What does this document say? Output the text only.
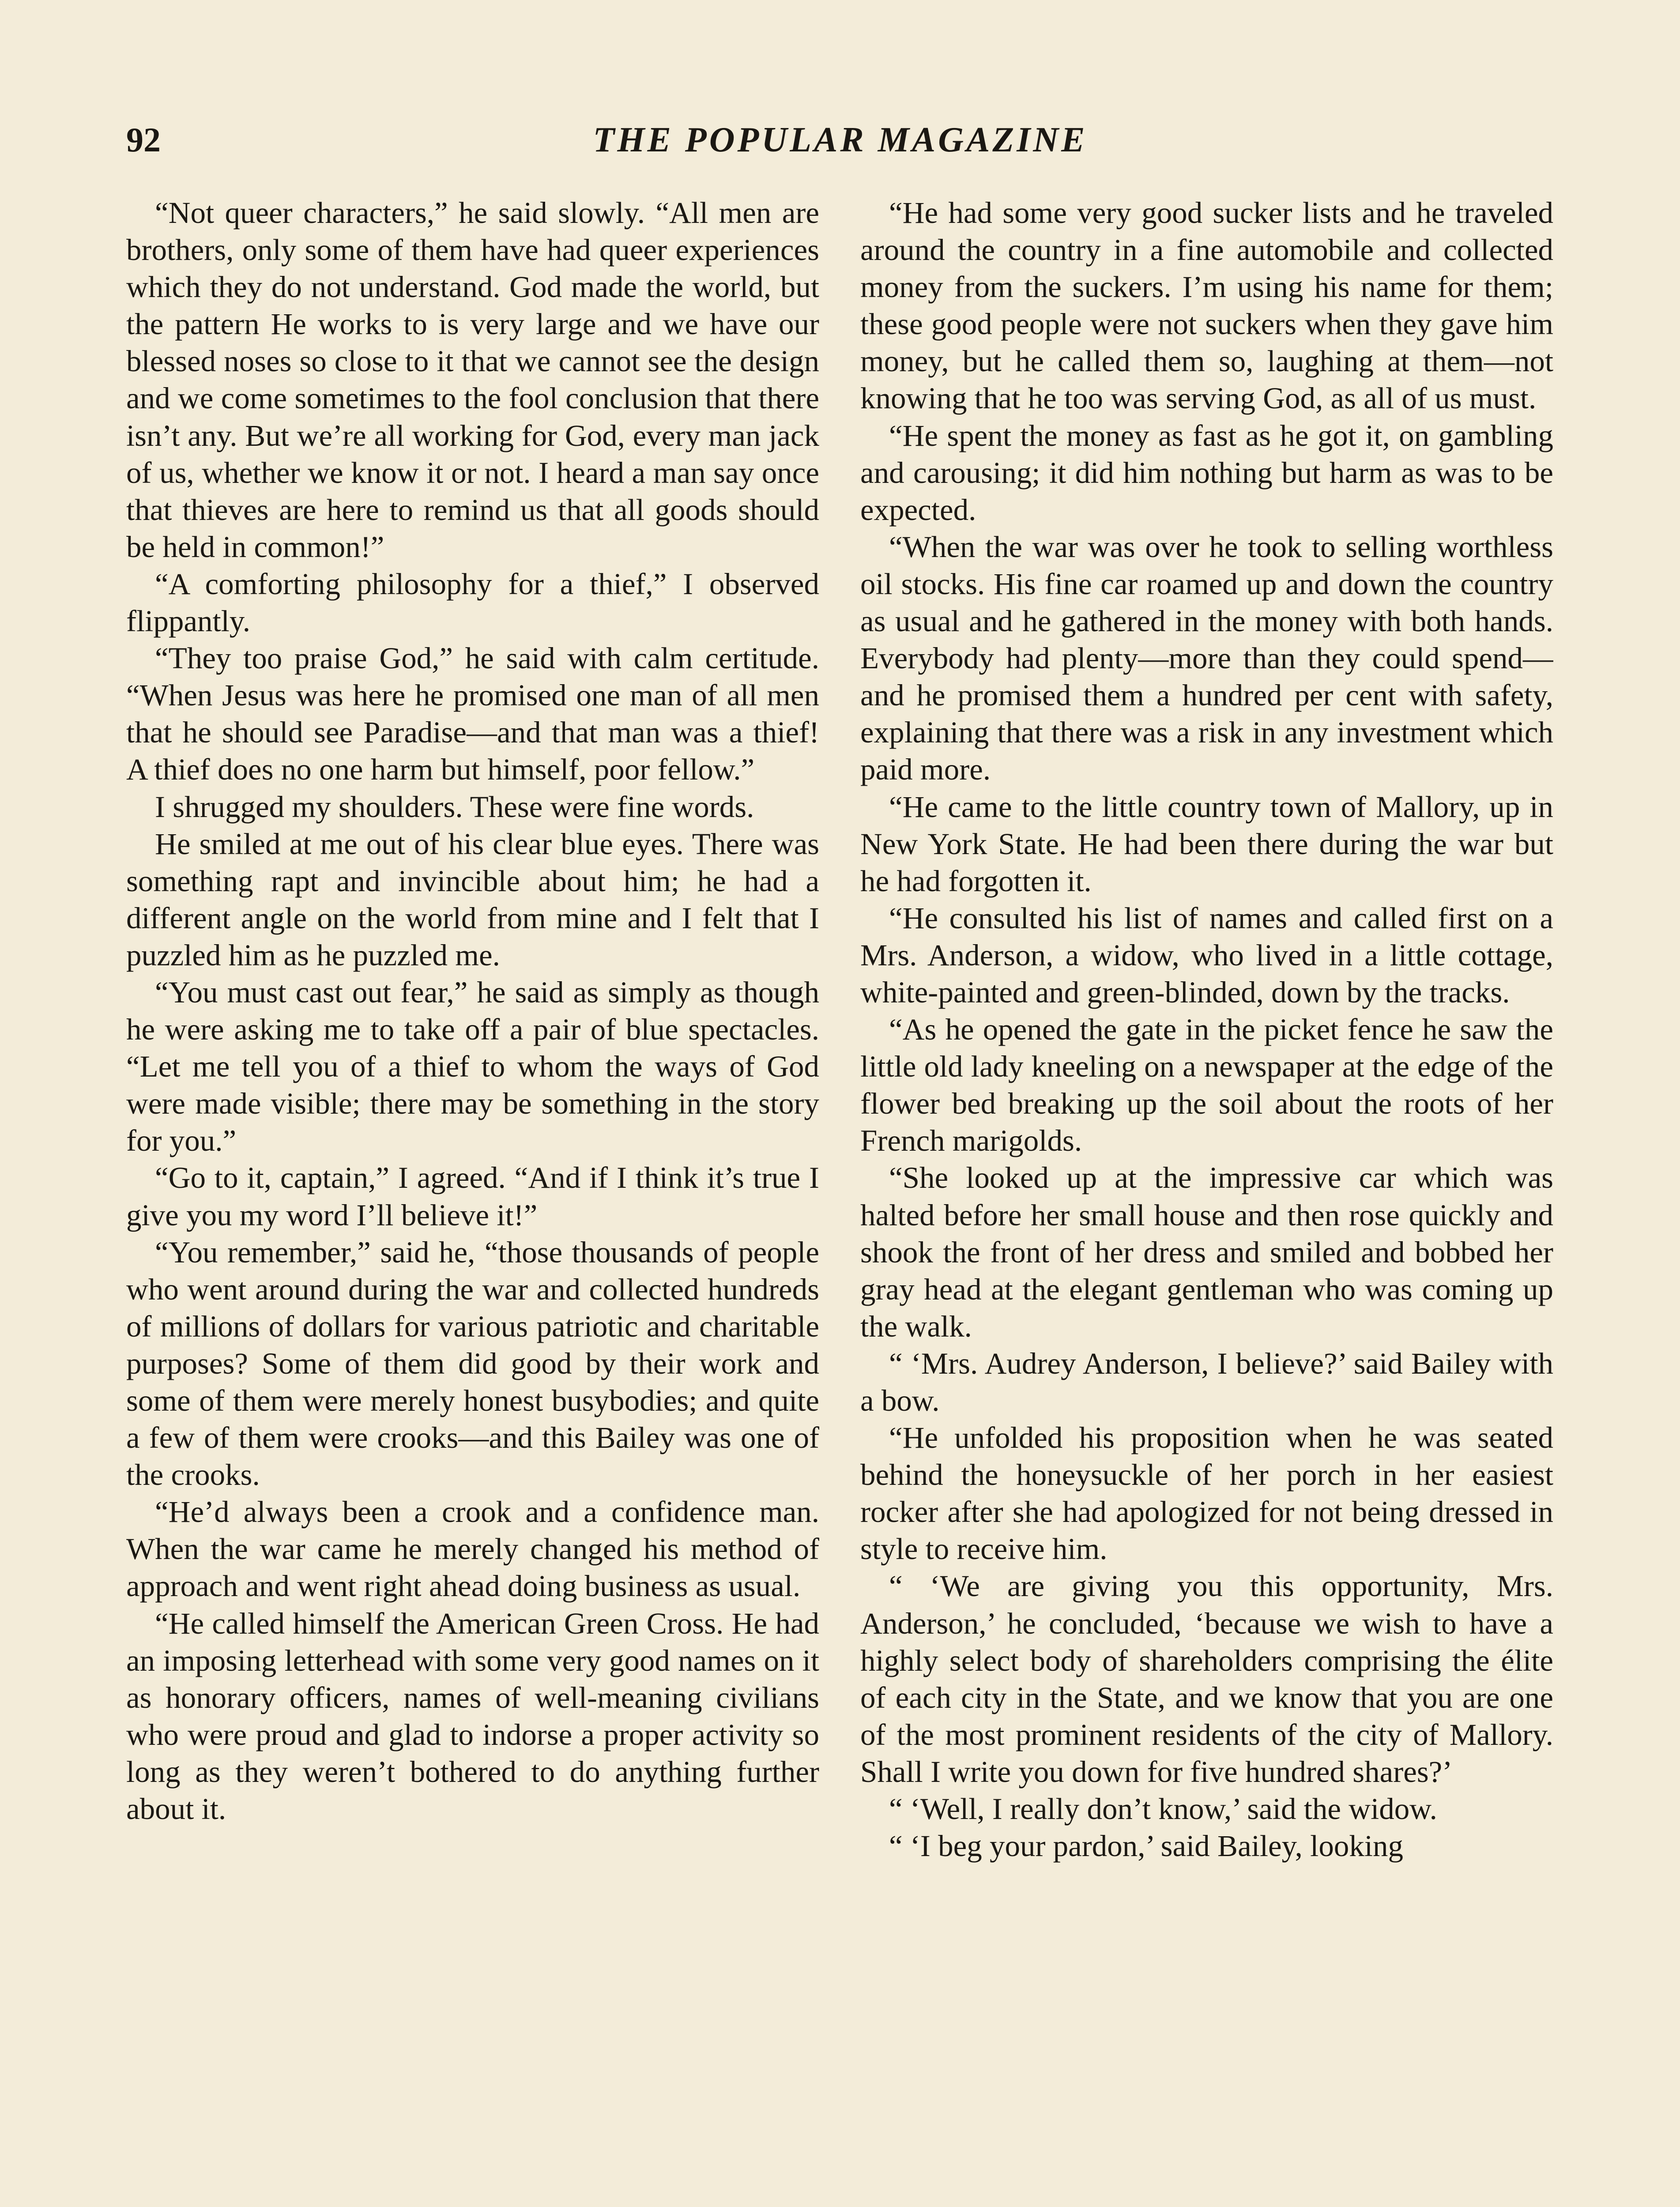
92	THE POPULAR MAGAZINE

“Not queer characters,” he said slowly. “All men are brothers, only some of them have had queer experiences which they do not understand. God made the world, but the pattern He works to is very large and we have our blessed noses so close to it that we cannot see the design and we come sometimes to the fool conclusion that there isn’t any. But we’re all working for God, every man jack of us, whether we know it or not. I heard a man say once that thieves are here to remind us that all goods should be held in common!”

“A comforting philosophy for a thief,” I observed flippantly.

“They too praise God,” he said with calm certitude. “When Jesus was here he promised one man of all men that he should see Paradise—and that man was a thief! A thief does no one harm but himself, poor fellow.”

I shrugged my shoulders. These were fine words.

He smiled at me out of his clear blue eyes. There was something rapt and invincible about him; he had a different angle on the world from mine and I felt that I puzzled him as he puzzled me.

“You must cast out fear,” he said as simply as though he were asking me to take off a pair of blue spectacles. “Let me tell you of a thief to whom the ways of God were made visible; there may be something in the story for you.”

“Go to it, captain,” I agreed. “And if I think it’s true I give you my word I’ll believe it!”

“You remember,” said he, “those thousands of people who went around during the war and collected hundreds of millions of dollars for various patriotic and charitable purposes? Some of them did good by their work and some of them were merely honest busybodies; and quite a few of them were crooks—and this Bailey was one of the crooks.

“He’d always been a crook and a confidence man. When the war came he merely changed his method of approach and went right ahead doing business as usual.

“He called himself the American Green Cross. He had an imposing letterhead with some very good names on it as honorary officers, names of well-meaning civilians who were proud and glad to indorse a proper activity so long as they weren’t bothered to do anything further about it.

“He had some very good sucker lists and he traveled around the country in a fine automobile and collected money from the suckers. I’m using his name for them; these good people were not suckers when they gave him money, but he called them so, laughing at them—not knowing that he too was serving God, as all of us must.

“He spent the money as fast as he got it, on gambling and carousing; it did him nothing but harm as was to be expected.

“When the war was over he took to selling worthless oil stocks. His fine car roamed up and down the country as usual and he gathered in the money with both hands. Everybody had plenty—more than they could spend—and he promised them a hundred per cent with safety, explaining that there was a risk in any investment which paid more.

“He came to the little country town of Mallory, up in New York State. He had been there during the war but he had forgotten it.

“He consulted his list of names and called first on a Mrs. Anderson, a widow, who lived in a little cottage, white-painted and green-blinded, down by the tracks.

“As he opened the gate in the picket fence he saw the little old lady kneeling on a newspaper at the edge of the flower bed breaking up the soil about the roots of her French marigolds.

“She looked up at the impressive car which was halted before her small house and then rose quickly and shook the front of her dress and smiled and bobbed her gray head at the elegant gentleman who was coming up the walk.

“ ‘Mrs. Audrey Anderson, I believe?’ said Bailey with a bow.

“He unfolded his proposition when he was seated behind the honeysuckle of her porch in her easiest rocker after she had apologized for not being dressed in style to receive him.

“ ‘We are giving you this opportunity, Mrs. Anderson,’ he concluded, ‘because we wish to have a highly select body of shareholders comprising the élite of each city in the State, and we know that you are one of the most prominent residents of the city of Mallory. Shall I write you down for five hundred shares?’

“ ‘Well, I really don’t know,’ said the widow.

“ ‘I beg your pardon,’ said Bailey, looking
